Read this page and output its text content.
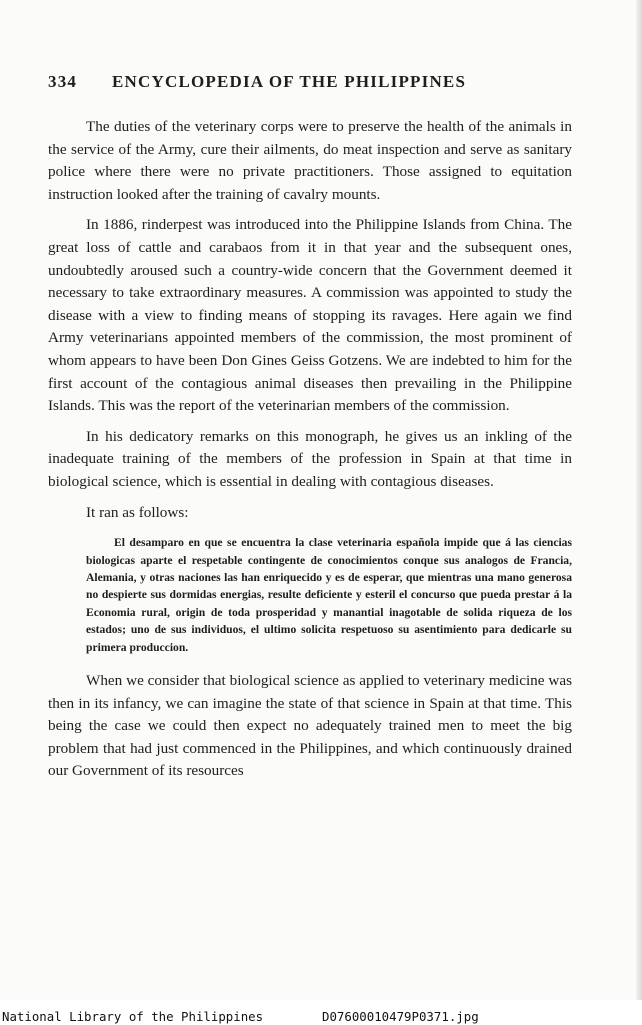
334 ENCYCLOPEDIA OF THE PHILIPPINES

The duties of the veterinary corps were to preserve the health of the animals in the service of the Army, cure their ailments, do meat inspection and serve as sanitary police where there were no private practitioners. Those assigned to equitation instruction looked after the training of cavalry mounts.

In 1886, rinderpest was introduced into the Philippine Islands from China. The great loss of cattle and carabaos from it in that year and the subsequent ones, undoubtedly aroused such a country-wide concern that the Government deemed it necessary to take extraordinary measures. A commission was appointed to study the disease with a view to finding means of stopping its ravages. Here again we find Army veterinarians appointed members of the commission, the most prominent of whom appears to have been Don Gines Geiss Gotzens. We are indebted to him for the first account of the contagious animal diseases then prevailing in the Philippine Islands. This was the report of the veterinarian members of the commission.

In his dedicatory remarks on this monograph, he gives us an inkling of the inadequate training of the members of the profession in Spain at that time in biological science, which is essential in dealing with contagious diseases.

It ran as follows:

El desamparo en que se encuentra la clase veterinaria española impide que á las ciencias biologicas aparte el respetable contingente de conocimientos conque sus analogos de Francia, Alemania, y otras naciones las han enriquecido y es de esperar, que mientras una mano generosa no despierte sus dormidas energias, resulte deficiente y esteril el concurso que pueda prestar á la Economia rural, origin de toda prosperidad y manantial inagotable de solida riqueza de los estados; uno de sus individuos, el ultimo solicita respetuoso su asentimiento para dedicarle su primera produccion.

When we consider that biological science as applied to veterinary medicine was then in its infancy, we can imagine the state of that science in Spain at that time. This being the case we could then expect no adequately trained men to meet the big problem that had just commenced in the Philippines, and which continuously drained our Government of its resources

National Library of the Philippines	D07600010479P0371.jpg
